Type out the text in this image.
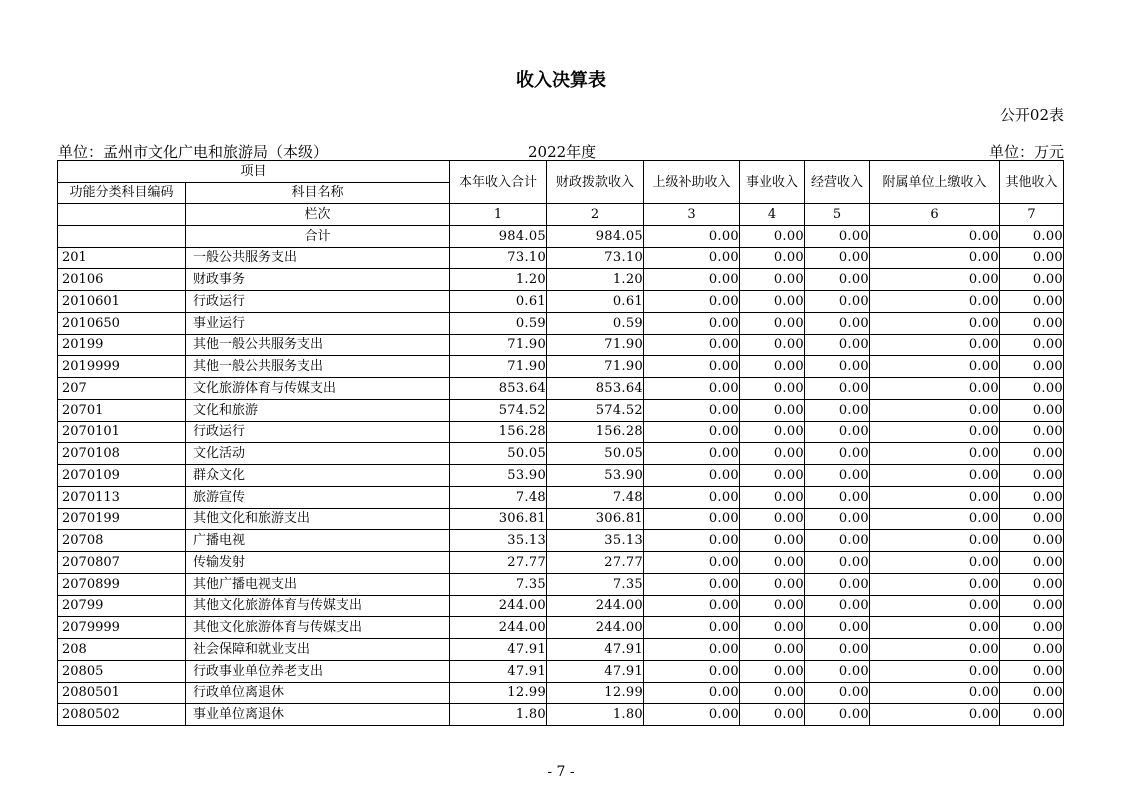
收入决算表
公开02表
单位：孟州市文化广电和旅游局（本级）	2022年度	单位：万元
项目		本年收入合计	财政拨款收入	上级补助收入	事业收入	经营收入	附属单位上缴收入	其他收入
功能分类科目编码	科目名称							
	栏次	1	2	3	4	5	6	7
	合计	984.05	984.05	0.00	0.00	0.00	0.00	0.00
201	一般公共服务支出	73.10	73.10	0.00	0.00	0.00	0.00	0.00
20106	财政事务	1.20	1.20	0.00	0.00	0.00	0.00	0.00
2010601	行政运行	0.61	0.61	0.00	0.00	0.00	0.00	0.00
2010650	事业运行	0.59	0.59	0.00	0.00	0.00	0.00	0.00
20199	其他一般公共服务支出	71.90	71.90	0.00	0.00	0.00	0.00	0.00
2019999	其他一般公共服务支出	71.90	71.90	0.00	0.00	0.00	0.00	0.00
207	文化旅游体育与传媒支出	853.64	853.64	0.00	0.00	0.00	0.00	0.00
20701	文化和旅游	574.52	574.52	0.00	0.00	0.00	0.00	0.00
2070101	行政运行	156.28	156.28	0.00	0.00	0.00	0.00	0.00
2070108	文化活动	50.05	50.05	0.00	0.00	0.00	0.00	0.00
2070109	群众文化	53.90	53.90	0.00	0.00	0.00	0.00	0.00
2070113	旅游宣传	7.48	7.48	0.00	0.00	0.00	0.00	0.00
2070199	其他文化和旅游支出	306.81	306.81	0.00	0.00	0.00	0.00	0.00
20708	广播电视	35.13	35.13	0.00	0.00	0.00	0.00	0.00
2070807	传输发射	27.77	27.77	0.00	0.00	0.00	0.00	0.00
2070899	其他广播电视支出	7.35	7.35	0.00	0.00	0.00	0.00	0.00
20799	其他文化旅游体育与传媒支出	244.00	244.00	0.00	0.00	0.00	0.00	0.00
2079999	其他文化旅游体育与传媒支出	244.00	244.00	0.00	0.00	0.00	0.00	0.00
208	社会保障和就业支出	47.91	47.91	0.00	0.00	0.00	0.00	0.00
20805	行政事业单位养老支出	47.91	47.91	0.00	0.00	0.00	0.00	0.00
2080501	行政单位离退休	12.99	12.99	0.00	0.00	0.00	0.00	0.00
2080502	事业单位离退休	1.80	1.80	0.00	0.00	0.00	0.00	0.00
- 7 -
